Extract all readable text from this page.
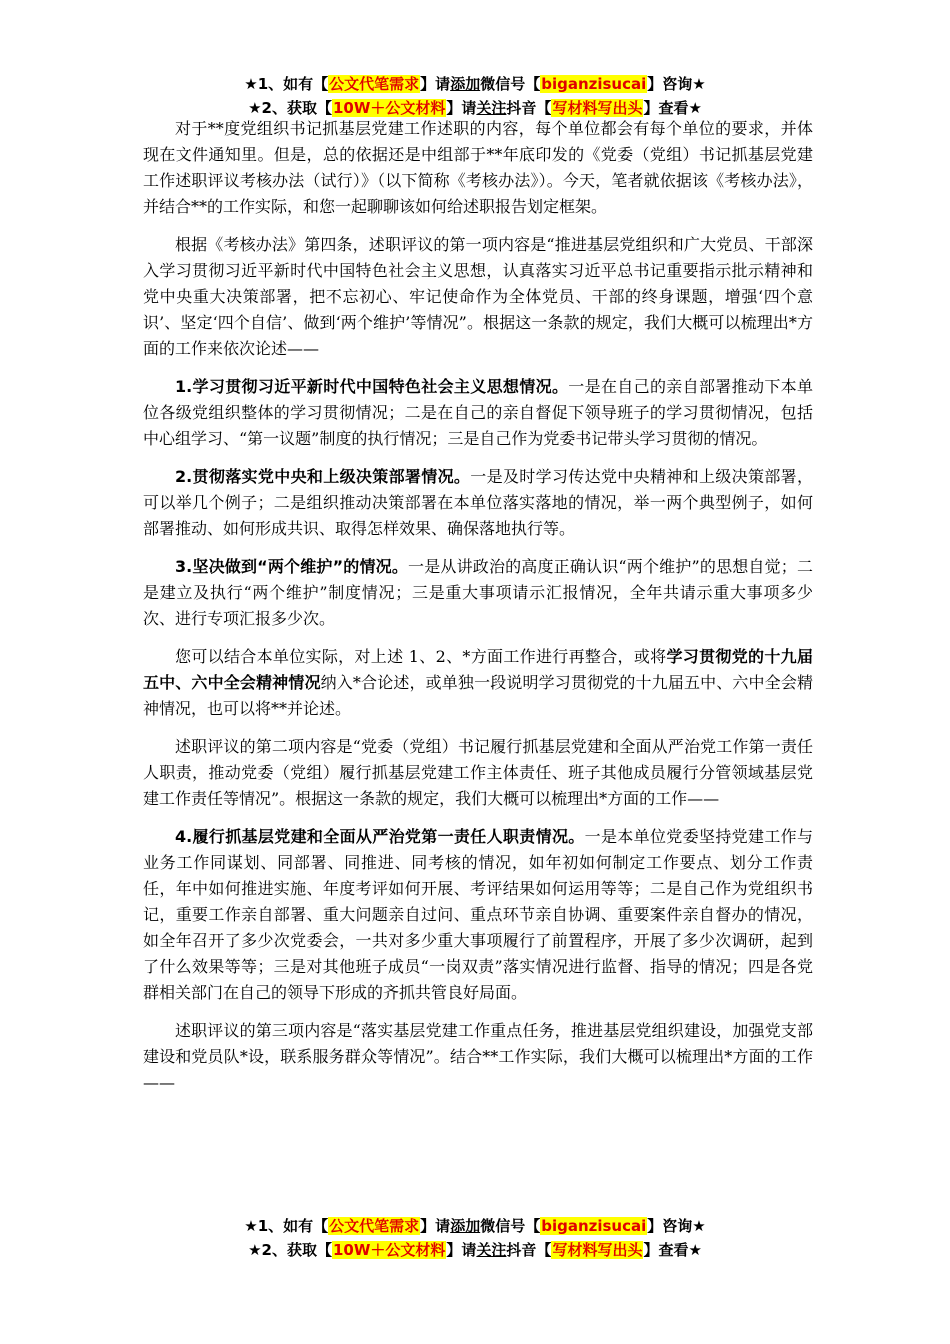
★1、如有【公文代笔需求】请添加微信号【biganzisucai】咨询★
★2、获取【10W＋公文材料】请关注抖音【写材料写出头】查看★

对于**度党组织书记抓基层党建工作述职的内容，每个单位都会有每个单位的要求，并体现在文件通知里。但是，总的依据还是中组部于**年底印发的《党委（党组）书记抓基层党建工作述职评议考核办法（试行）》（以下简称《考核办法》）。今天，笔者就依据该《考核办法》，并结合**的工作实际，和您一起聊聊该如何给述职报告划定框架。

根据《考核办法》第四条，述职评议的第一项内容是“推进基层党组织和广大党员、干部深入学习贯彻习近平新时代中国特色社会主义思想，认真落实习近平总书记重要指示批示精神和党中央重大决策部署，把不忘初心、牢记使命作为全体党员、干部的终身课题，增强‘四个意识’、坚定‘四个自信’、做到‘两个维护’等情况”。根据这一条款的规定，我们大概可以梳理出*方面的工作来依次论述——

1.学习贯彻习近平新时代中国特色社会主义思想情况。一是在自己的亲自部署推动下本单位各级党组织整体的学习贯彻情况；二是在自己的亲自督促下领导班子的学习贯彻情况，包括中心组学习、“第一议题”制度的执行情况；三是自己作为党委书记带头学习贯彻的情况。

2.贯彻落实党中央和上级决策部署情况。一是及时学习传达党中央精神和上级决策部署，可以举几个例子；二是组织推动决策部署在本单位落实落地的情况，举一两个典型例子，如何部署推动、如何形成共识、取得怎样效果、确保落地执行等。

3.坚决做到“两个维护”的情况。一是从讲政治的高度正确认识“两个维护”的思想自觉；二是建立及执行“两个维护”制度情况；三是重大事项请示汇报情况，全年共请示重大事项多少次、进行专项汇报多少次。

您可以结合本单位实际，对上述 1、2、*方面工作进行再整合，或将学习贯彻党的十九届五中、六中全会精神情况纳入*合论述，或单独一段说明学习贯彻党的十九届五中、六中全会精神情况，也可以将**并论述。

述职评议的第二项内容是“党委（党组）书记履行抓基层党建和全面从严治党工作第一责任人职责，推动党委（党组）履行抓基层党建工作主体责任、班子其他成员履行分管领域基层党建工作责任等情况”。根据这一条款的规定，我们大概可以梳理出*方面的工作——

4.履行抓基层党建和全面从严治党第一责任人职责情况。一是本单位党委坚持党建工作与业务工作同谋划、同部署、同推进、同考核的情况，如年初如何制定工作要点、划分工作责任，年中如何推进实施、年度考评如何开展、考评结果如何运用等等；二是自己作为党组织书记，重要工作亲自部署、重大问题亲自过问、重点环节亲自协调、重要案件亲自督办的情况，如全年召开了多少次党委会，一共对多少重大事项履行了前置程序，开展了多少次调研，起到了什么效果等等；三是对其他班子成员“一岗双责”落实情况进行监督、指导的情况；四是各党群相关部门在自己的领导下形成的齐抓共管良好局面。

述职评议的第三项内容是“落实基层党建工作重点任务，推进基层党组织建设，加强党支部建设和党员队*设，联系服务群众等情况”。结合**工作实际，我们大概可以梳理出*方面的工作——

★1、如有【公文代笔需求】请添加微信号【biganzisucai】咨询★
★2、获取【10W＋公文材料】请关注抖音【写材料写出头】查看★
